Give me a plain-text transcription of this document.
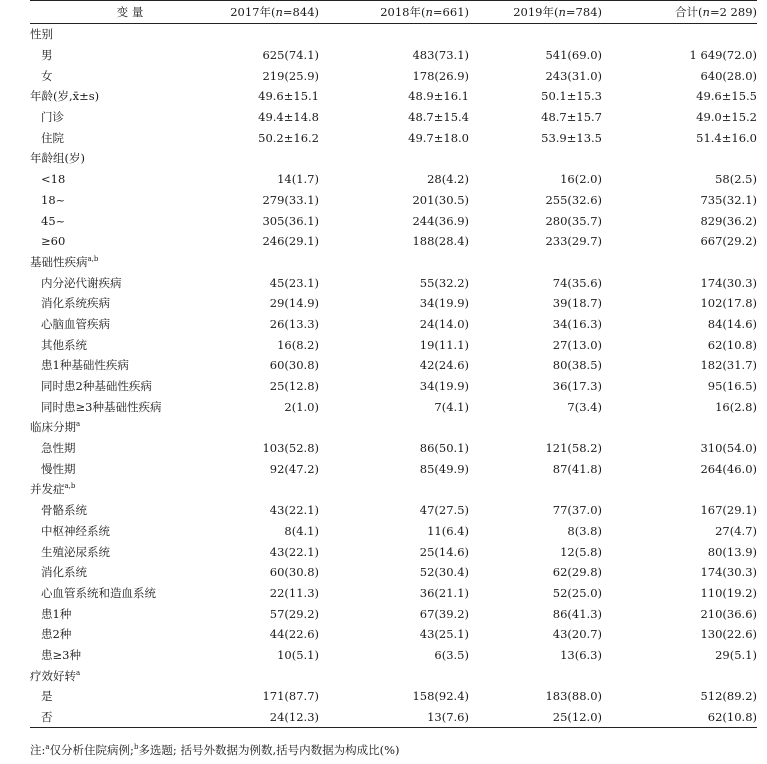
变 量	2017年(n=844)	2018年(n=661)	2019年(n=784)	合计(n=2 289)
性别				
男	625(74.1)	483(73.1)	541(69.0)	1 649(72.0)
女	219(25.9)	178(26.9)	243(31.0)	640(28.0)
年龄(岁,x̄±s)	49.6±15.1	48.9±16.1	50.1±15.3	49.6±15.5
门诊	49.4±14.8	48.7±15.4	48.7±15.7	49.0±15.2
住院	50.2±16.2	49.7±18.0	53.9±13.5	51.4±16.0
年龄组(岁)				
<18	14(1.7)	28(4.2)	16(2.0)	58(2.5)
18~	279(33.1)	201(30.5)	255(32.6)	735(32.1)
45~	305(36.1)	244(36.9)	280(35.7)	829(36.2)
≥60	246(29.1)	188(28.4)	233(29.7)	667(29.2)
基础性疾病$^{a,b}$				
内分泌代谢疾病	45(23.1)	55(32.2)	74(35.6)	174(30.3)
消化系统疾病	29(14.9)	34(19.9)	39(18.7)	102(17.8)
心脑血管疾病	26(13.3)	24(14.0)	34(16.3)	84(14.6)
其他系统	16(8.2)	19(11.1)	27(13.0)	62(10.8)
患1种基础性疾病	60(30.8)	42(24.6)	80(38.5)	182(31.7)
同时患2种基础性疾病	25(12.8)	34(19.9)	36(17.3)	95(16.5)
同时患≥3种基础性疾病	2(1.0)	7(4.1)	7(3.4)	16(2.8)
临床分期$^a$				
急性期	103(52.8)	86(50.1)	121(58.2)	310(54.0)
慢性期	92(47.2)	85(49.9)	87(41.8)	264(46.0)
并发症$^{a,b}$				
骨骼系统	43(22.1)	47(27.5)	77(37.0)	167(29.1)
中枢神经系统	8(4.1)	11(6.4)	8(3.8)	27(4.7)
生殖泌尿系统	43(22.1)	25(14.6)	12(5.8)	80(13.9)
消化系统	60(30.8)	52(30.4)	62(29.8)	174(30.3)
心血管系统和造血系统	22(11.3)	36(21.1)	52(25.0)	110(19.2)
患1种	57(29.2)	67(39.2)	86(41.3)	210(36.6)
患2种	44(22.6)	43(25.1)	43(20.7)	130(22.6)
患≥3种	10(5.1)	6(3.5)	13(6.3)	29(5.1)
疗效好转$^a$				
是	171(87.7)	158(92.4)	183(88.0)	512(89.2)
否	24(12.3)	13(7.6)	25(12.0)	62(10.8)
注:$^a$仅分析住院病例;$^b$多选题; 括号外数据为例数,括号内数据为构成比(%)
